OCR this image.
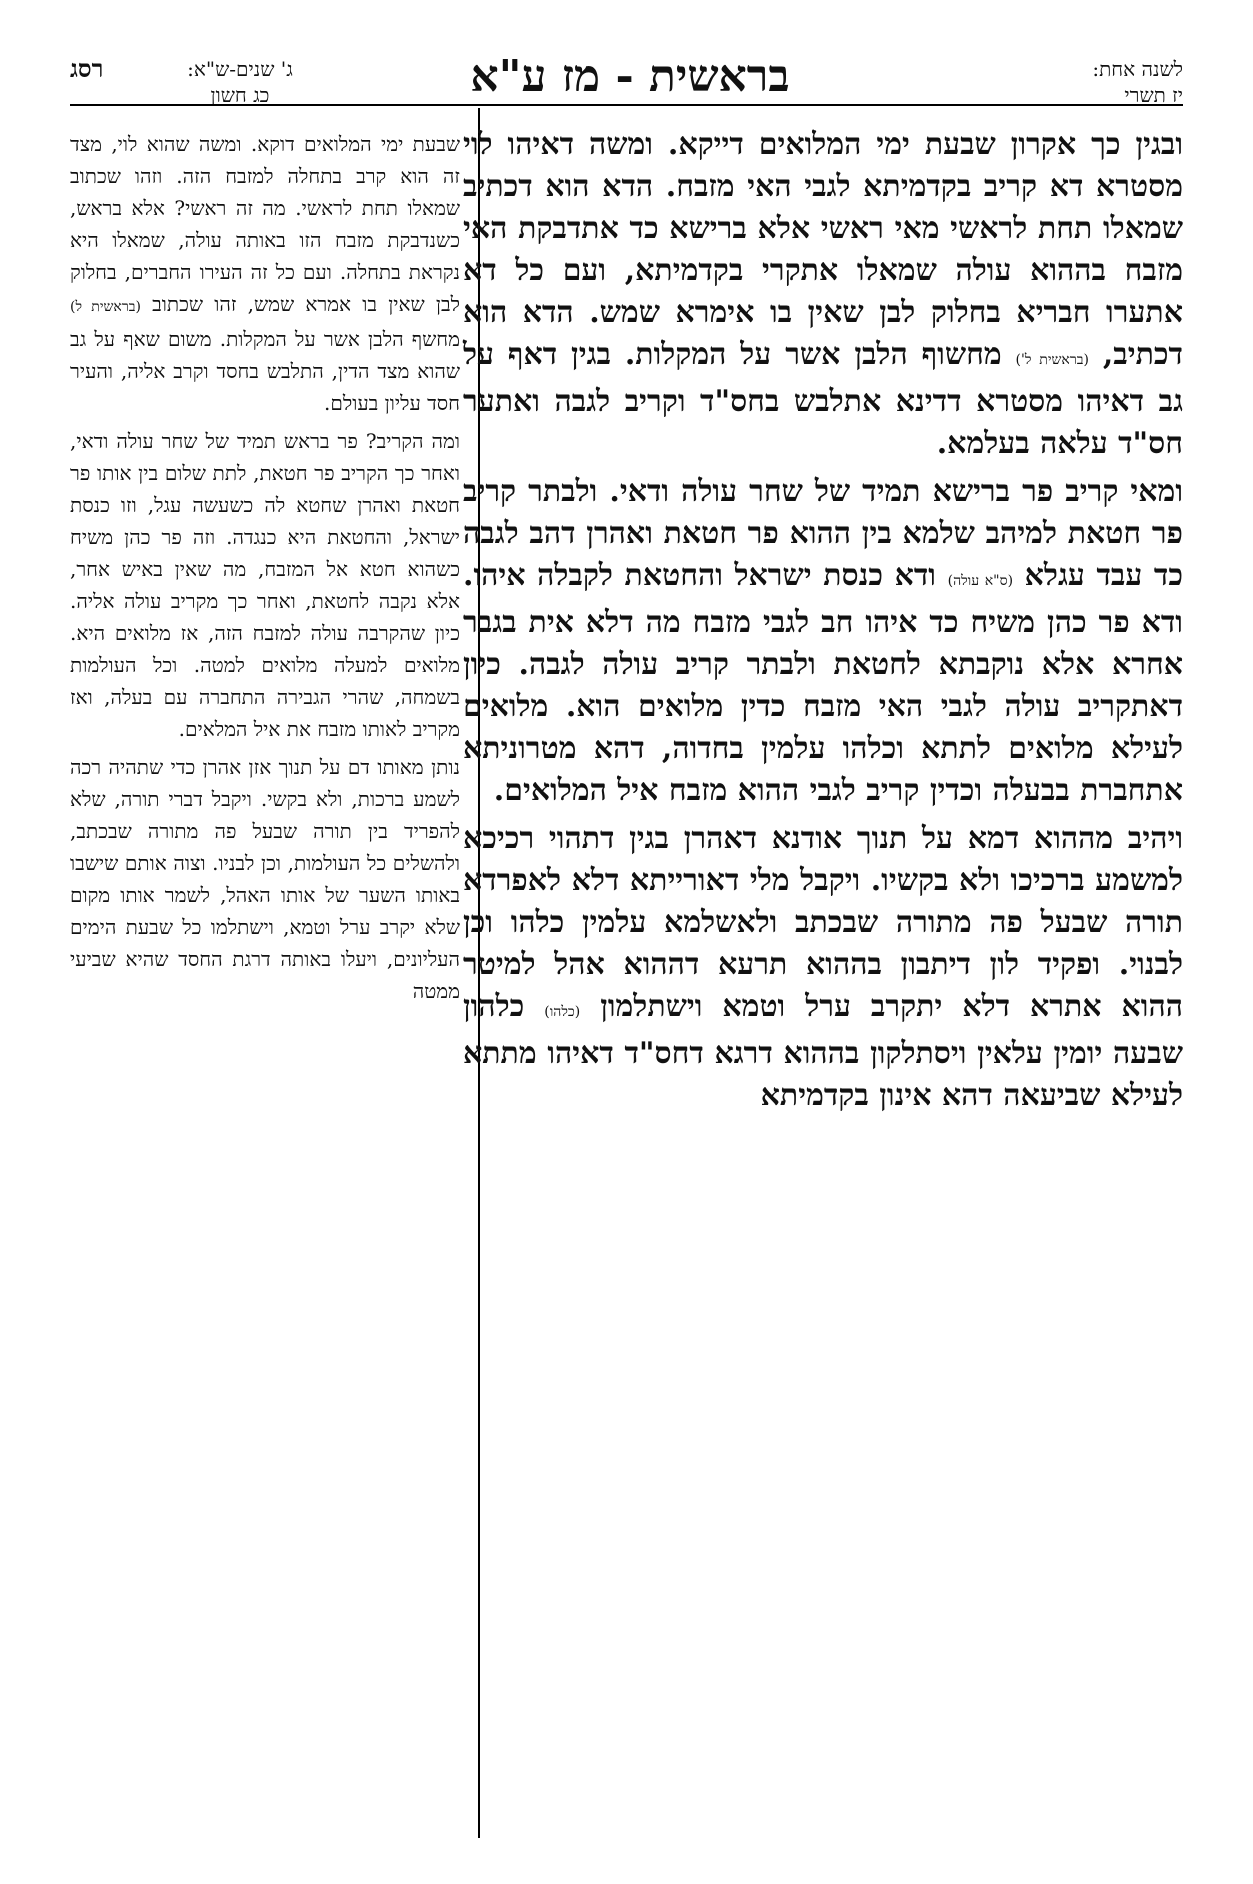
לשנה אחת:
יז תשרי
בראשית - מז ע"א
רסג	ג' שנים-ש"א:
כג חשון

ובגין כך אקרון שבעת ימי המלואים דייקא. ומשה דאיהו לוי מסטרא דא קריב בקדמיתא לגבי האי מזבח. הדא הוא דכתיב שמאלו תחת לראשי מאי ראשי אלא ברישא כד אתדבקת האי מזבח בההוא עולה שמאלו אתקרי בקדמיתא, ועם כל דא אתערו חבריא בחלוק לבן שאין בו אימרא שמש. הדא הוא דכתיב, (בראשית ל') מחשוף הלבן אשר על המקלות. בגין דאף על גב דאיהו מסטרא דדינא אתלבש בחס"ד וקריב לגבה ואתער חס"ד עלאה בעלמא.

ומאי קריב פר ברישא תמיד של שחר עולה ודאי. ולבתר קריב פר חטאת למיהב שלמא בין ההוא פר חטאת ואהרן דהב לגבה כד עבד עגלא (ס"א עולה) ודא כנסת ישראל והחטאת לקבלה איהו. ודא פר כהן משיח כד איהו חב לגבי מזבח מה דלא אית בגבר אחרא אלא נוקבתא לחטאת ולבתר קריב עולה לגבה. כיון דאתקריב עולה לגבי האי מזבח כדין מלואים הוא. מלואים לעילא מלואים לתתא וכלהו עלמין בחדוה, דהא מטרוניתא אתחברת בבעלה וכדין קריב לגבי ההוא מזבח איל המלואים.

ויהיב מההוא דמא על תנוך אודנא דאהרן בגין דתהוי רכיכא למשמע ברכיכו ולא בקשיו. ויקבל מלי דאורייתא דלא לאפרדא תורה שבעל פה מתורה שבכתב ולאשלמא עלמין כלהו וכן לבנוי. ופקיד לון דיתבון בההוא תרעא דההוא אהל למיטר ההוא אתרא דלא יתקרב ערל וטמא וישתלמון (כלהו) כלהון שבעה יומין עלאין ויסתלקון בההוא דרגא דחס"ד דאיהו מתתא לעילא שביעאה דהא אינון בקדמיתא

שבעת ימי המלואים דוקא. ומשה שהוא לוי, מצד זה הוא קרב בתחלה למזבח הזה. וזהו שכתוב שמאלו תחת לראשי. מה זה ראשי? אלא בראש, כשנדבקת מזבח הזו באותה עולה, שמאלו היא נקראת בתחלה. ועם כל זה העירו החברים, בחלוק לבן שאין בו אמרא שמש, זהו שכתוב (בראשית ל) מחשף הלבן אשר על המקלות. משום שאף על גב שהוא מצד הדין, התלבש בחסד וקרב אליה, והעיר חסד עליון בעולם.

ומה הקריב? פר בראש תמיד של שחר עולה ודאי, ואחר כך הקריב פר חטאת, לתת שלום בין אותו פר חטאת ואהרן שחטא לה כשעשה עגל, וזו כנסת ישראל, והחטאת היא כנגדה. וזה פר כהן משיח כשהוא חטא אל המזבח, מה שאין באיש אחר, אלא נקבה לחטאת, ואחר כך מקריב עולה אליה. כיון שהקרבה עולה למזבח הזה, אז מלואים היא. מלואים למעלה מלואים למטה. וכל העולמות בשמחה, שהרי הגבירה התחברה עם בעלה, ואז מקריב לאותו מזבח את איל המלאים.

נותן מאותו דם על תנוך אזן אהרן כדי שתהיה רכה לשמע ברכות, ולא בקשי. ויקבל דברי תורה, שלא להפריד בין תורה שבעל פה מתורה שבכתב, ולהשלים כל העולמות, וכן לבניו. וצוה אותם שישבו באותו השער של אותו האהל, לשמר אותו מקום שלא יקרב ערל וטמא, וישתלמו כל שבעת הימים העליונים, ויעלו באותה דרגת החסד שהיא שביעי ממטה
